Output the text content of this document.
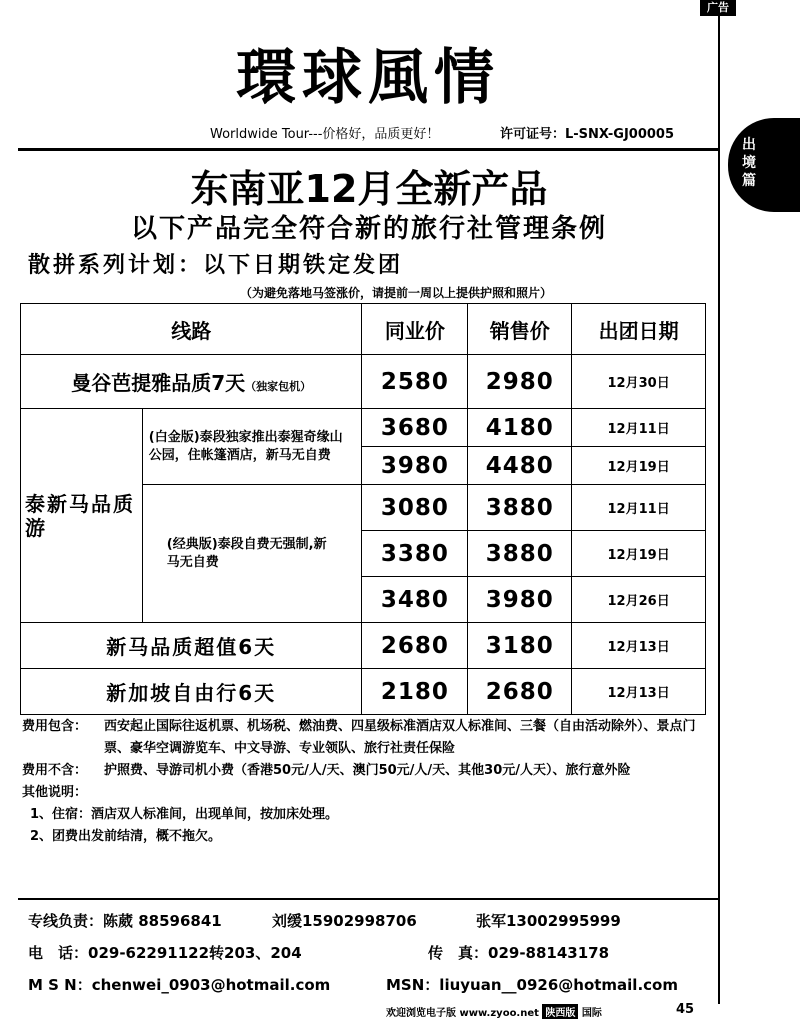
广告
出境篇
環球風情
Worldwide Tour---价格好，品质更好！	许可证号：L-SNX-GJ00005
东南亚12月全新产品
以下产品完全符合新的旅行社管理条例
散拼系列计划：以下日期铁定发团
（为避免落地马签涨价，请提前一周以上提供护照和照片）
线路		同业价	销售价	出团日期
曼谷芭提雅品质7天（独家包机）		2580	2980	12月30日
泰新马品质游	(白金版)泰段独家推出泰猩奇缘山公园，住帐篷酒店，新马无自费	3680	4180	12月11日
		3980	4480	12月19日
	(经典版)泰段自费无强制,新马无自费	3080	3880	12月11日
		3380	3880	12月19日
		3480	3980	12月26日
新马品质超值6天		2680	3180	12月13日
新加坡自由行6天		2180	2680	12月13日
费用包含：	西安起止国际往返机票、机场税、燃油费、四星级标准酒店双人标准间、三餐（自由活动除外）、景点门票、豪华空调游览车、中文导游、专业领队、旅行社责任保险
费用不含：	护照费、导游司机小费（香港50元/人/天、澳门50元/人/天、其他30元/人天）、旅行意外险
其他说明：
1、住宿：酒店双人标准间，出现单间，按加床处理。
2、团费出发前结清，概不拖欠。
专线负责：陈葳 88596841	刘缓15902998706	张军13002995999
电　话：029-62291122转203、204	传　真：029-88143178
M S N：chenwei_0903@hotmail.com	MSN：liuyuan__0926@hotmail.com
欢迎浏览电子版 www.zyoo.net 陕西版 国际	45
